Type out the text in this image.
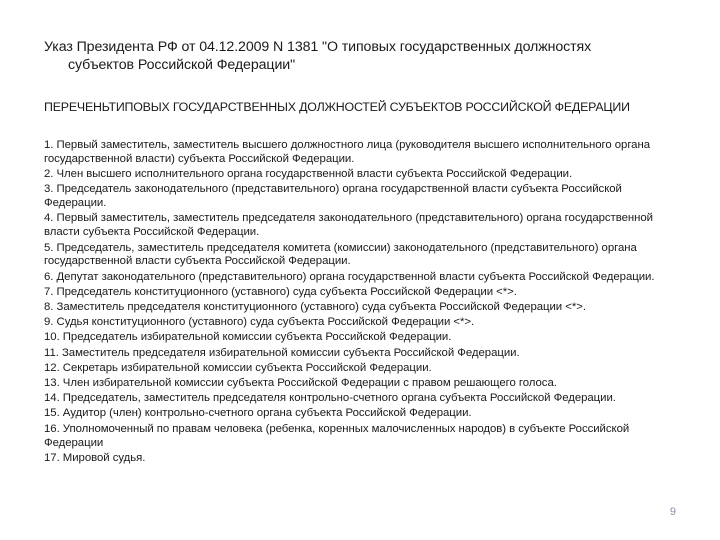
Указ Президента РФ от 04.12.2009 N 1381 "О типовых государственных должностях
субъектов Российской Федерации"
ПЕРЕЧЕНЬТИПОВЫХ ГОСУДАРСТВЕННЫХ ДОЛЖНОСТЕЙ СУБЪЕКТОВ РОССИЙСКОЙ ФЕДЕРАЦИИ
1. Первый заместитель, заместитель высшего должностного лица (руководителя высшего исполнительного органа государственной власти) субъекта Российской Федерации.
2. Член высшего исполнительного органа государственной власти субъекта Российской Федерации.
3. Председатель законодательного (представительного) органа государственной власти субъекта Российской Федерации.
4. Первый заместитель, заместитель председателя законодательного (представительного) органа государственной власти субъекта Российской Федерации.
5. Председатель, заместитель председателя комитета (комиссии) законодательного (представительного) органа государственной власти субъекта Российской Федерации.
6. Депутат законодательного (представительного) органа государственной власти субъекта Российской Федерации.
7. Председатель конституционного (уставного) суда субъекта Российской Федерации <*>.
8. Заместитель председателя конституционного (уставного) суда субъекта Российской Федерации <*>.
9. Судья конституционного (уставного) суда субъекта Российской Федерации <*>.
10. Председатель избирательной комиссии субъекта Российской Федерации.
11. Заместитель председателя избирательной комиссии субъекта Российской Федерации.
12. Секретарь избирательной комиссии субъекта Российской Федерации.
13. Член избирательной комиссии субъекта Российской Федерации с правом решающего голоса.
14. Председатель, заместитель председателя контрольно-счетного органа субъекта Российской Федерации.
15. Аудитор (член) контрольно-счетного органа субъекта Российской Федерации.
16. Уполномоченный по правам человека (ребенка, коренных малочисленных народов) в субъекте Российской Федерации
17. Мировой судья.
9
